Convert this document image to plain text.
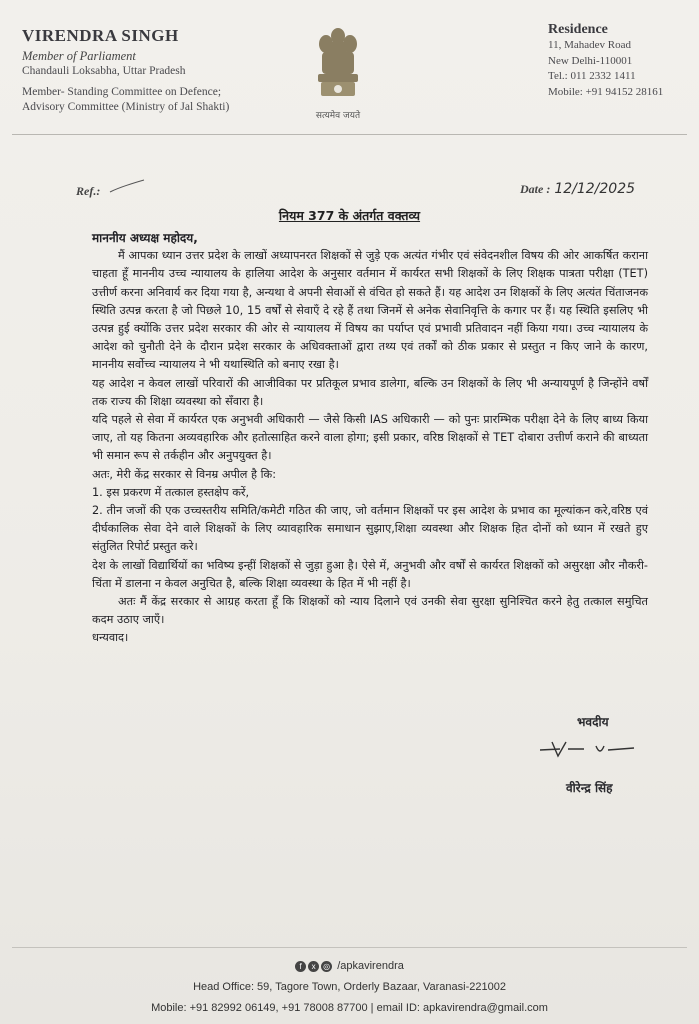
VIRENDRA SINGH
Member of Parliament
Chandauli Loksabha, Uttar Pradesh
Member- Standing Committee on Defence;
Advisory Committee (Ministry of Jal Shakti)
सत्यमेव जयते
Residence
11, Mahadev Road
New Delhi-110001
Tel.: 011 2332 1411
Mobile: +91 94152 28161
Ref.:	Date : 12/12/2025
नियम 377 के अंतर्गत वक्तव्य

माननीय अध्यक्ष महोदय,

मैं आपका ध्यान उत्तर प्रदेश के लाखों अध्यापनरत शिक्षकों से जुड़े एक अत्यंत गंभीर एवं संवेदनशील विषय की ओर आकर्षित कराना चाहता हूँ माननीय उच्च न्यायालय के हालिया आदेश के अनुसार वर्तमान में कार्यरत सभी शिक्षकों के लिए शिक्षक पात्रता परीक्षा (TET) उत्तीर्ण करना अनिवार्य कर दिया गया है, अन्यथा वे अपनी सेवाओं से वंचित हो सकते हैं। यह आदेश उन शिक्षकों के लिए अत्यंत चिंताजनक स्थिति उत्पन्न करता है जो पिछले 10, 15 वर्षों से सेवाएँ दे रहे हैं तथा जिनमें से अनेक सेवानिवृत्ति के कगार पर हैं। यह स्थिति इसलिए भी उत्पन्न हुई क्योंकि उत्तर प्रदेश सरकार की ओर से न्यायालय में विषय का पर्याप्त एवं प्रभावी प्रतिवादन नहीं किया गया। उच्च न्यायालय के आदेश को चुनौती देने के दौरान प्रदेश सरकार के अधिवक्ताओं द्वारा तथ्य एवं तर्कों को ठीक प्रकार से प्रस्तुत न किए जाने के कारण, माननीय सर्वोच्च न्यायालय ने भी यथास्थिति को बनाए रखा है।

यह आदेश न केवल लाखों परिवारों की आजीविका पर प्रतिकूल प्रभाव डालेगा, बल्कि उन शिक्षकों के लिए भी अन्यायपूर्ण है जिन्होंने वर्षों तक राज्य की शिक्षा व्यवस्था को सँवारा है।

यदि पहले से सेवा में कार्यरत एक अनुभवी अधिकारी — जैसे किसी IAS अधिकारी — को पुनः प्रारम्भिक परीक्षा देने के लिए बाध्य किया जाए, तो यह कितना अव्यवहारिक और हतोत्साहित करने वाला होगा; इसी प्रकार, वरिष्ठ शिक्षकों से TET दोबारा उत्तीर्ण कराने की बाध्यता भी समान रूप से तर्कहीन और अनुपयुक्त है।

अतः, मेरी केंद्र सरकार से विनम्र अपील है कि:

1. इस प्रकरण में तत्काल हस्तक्षेप करें,

2. तीन जजों की एक उच्चस्तरीय समिति/कमेटी गठित की जाए, जो वर्तमान शिक्षकों पर इस आदेश के प्रभाव का मूल्यांकन करे,वरिष्ठ एवं दीर्घकालिक सेवा देने वाले शिक्षकों के लिए व्यावहारिक समाधान सुझाए,शिक्षा व्यवस्था और शिक्षक हित दोनों को ध्यान में रखते हुए संतुलित रिपोर्ट प्रस्तुत करे।

देश के लाखों विद्यार्थियों का भविष्य इन्हीं शिक्षकों से जुड़ा हुआ है। ऐसे में, अनुभवी और वर्षों से कार्यरत शिक्षकों को असुरक्षा और नौकरी-चिंता में डालना न केवल अनुचित है, बल्कि शिक्षा व्यवस्था के हित में भी नहीं है।

अतः मैं केंद्र सरकार से आग्रह करता हूँ कि शिक्षकों को न्याय दिलाने एवं उनकी सेवा सुरक्षा सुनिश्चित करने हेतु तत्काल समुचित कदम उठाए जाएँ।

धन्यवाद।

भवदीय
वीरेन्द्र सिंह
f x ◎ /apkavirendra
Head Office: 59, Tagore Town, Orderly Bazaar, Varanasi-221002
Mobile: +91 82992 06149, +91 78008 87700 | email ID: apkavirendra@gmail.com
